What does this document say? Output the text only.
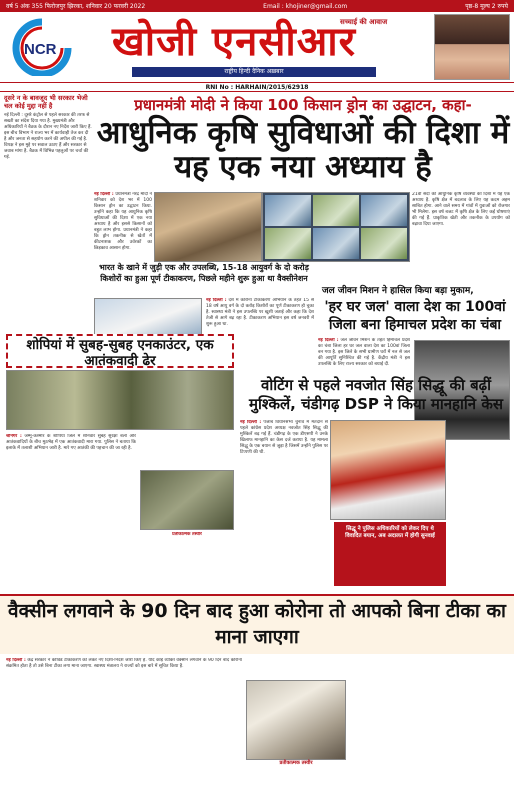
वर्ष 5 अंक 355 फिरोजपुर झिरका, शनिवार 20 फरवरी 2022	Email : khojiner@gmail.com	पृष्ठ-8 मूल्य 2 रुपये
NCR खोजी एनसीआर
सच्चाई की आवाज
राष्ट्रीय हिन्दी दैनिक अख़बार
RNI No : HARHAIN/2015/62918
दूसरे न के बावजूद भी सरकार भेजी चल कोई मुद्दा नहीं है
नई दिल्ली : दूसरे कंट्रोल से पहले सरकार की तरफ से सख्ती का संदेश दिया गया है. मुख्यमंत्री और अधिकारियों ने बैठक के दौरान नए निर्देश जारी किए हैं. इस बीच विभाग ने राज्य भर में कार्यवाही तेज कर दी है और जनता से सहयोग करने की अपील की गई है. विपक्ष ने इस मुद्दे पर सवाल उठाए हैं और सरकार से जवाब मांगा है. बैठक में विभिन्न पहलुओं पर चर्चा की गई.
प्रधानमंत्री मोदी ने किया 100 किसान ड्रोन का उद्घाटन, कहा-
आधुनिक कृषि सुविधाओं की दिशा में यह एक नया अध्याय है
नई दिल्ली : प्रधानमंत्री नरेंद्र मोदी ने शनिवार को देश भर में 100 किसान ड्रोन का उद्घाटन किया. उन्होंने कहा कि यह आधुनिक कृषि सुविधाओं की दिशा में एक नया अध्याय है और इससे किसानों को बहुत लाभ होगा. प्रधानमंत्री ने कहा कि ड्रोन तकनीक से खेतों में कीटनाशक और उर्वरकों का छिड़काव आसान होगा.
21वीं सदी की आधुनिक कृषि व्यवस्था की दिशा में यह एक अध्याय है. कृषि क्षेत्र में बदलाव के लिए यह कदम अहम साबित होगा. आने वाले समय में गांवों में युवाओं को रोजगार भी मिलेगा. इस वर्ष बजट में कृषि क्षेत्र के लिए कई घोषणाएं की गई हैं. प्राकृतिक खेती और तकनीक के उपयोग को बढ़ावा दिया जाएगा.
भारत के खाने में जुड़ी एक और उपलब्धि, 15-18 आयुवर्ग के दो करोड़ किशोरों का हुआ पूर्ण टीकाकरण, पिछले महीने शुरू हुआ था वैक्सीनेशन
नई दिल्ली : देश में कोरोना टीकाकरण अभियान के तहत 15 से 18 वर्ष आयु वर्ग के दो करोड़ किशोरों का पूर्ण टीकाकरण हो चुका है. स्वास्थ्य मंत्री ने इस उपलब्धि पर खुशी जताई और कहा कि देश तेजी से आगे बढ़ रहा है. टीकाकरण अभियान इस वर्ष जनवरी में शुरू हुआ था.
जल जीवन मिशन ने हासिल किया बड़ा मुकाम,
'हर घर जल' वाला देश का 100वां जिला बना हिमाचल प्रदेश का चंबा
नई दिल्ली : जल जीवन मिशन के तहत हिमाचल प्रदेश का चंबा जिला हर घर जल वाला देश का 100वां जिला बन गया है. इस जिले के सभी ग्रामीण घरों में नल से जल की आपूर्ति सुनिश्चित की गई है. केंद्रीय मंत्री ने इस उपलब्धि के लिए राज्य सरकार को बधाई दी.
शोपियां में सुबह-सुबह एनकाउंटर, एक आतंकवादी ढेर
श्रीनगर : जम्मू-कश्मीर के शोपियां जिले में शनिवार सुबह सुरक्षा बलों और आतंकवादियों के बीच मुठभेड़ में एक आतंकवादी मारा गया. पुलिस ने बताया कि इलाके में तलाशी अभियान जारी है. मारे गए आतंकी की पहचान की जा रही है.
प्रतीकात्मक तस्वीर
वोटिंग से पहले नवजोत सिंह सिद्धू की बढ़ीं मुश्किलें, चंडीगढ़ DSP ने किया मानहानि केस
नई दिल्ली : पंजाब विधानसभा चुनाव में मतदान से पहले कांग्रेस प्रदेश अध्यक्ष नवजोत सिंह सिद्धू की मुश्किलें बढ़ गई हैं. चंडीगढ़ के एक डीएसपी ने उनके खिलाफ मानहानि का केस दर्ज कराया है. यह मामला सिद्धू के एक बयान से जुड़ा है जिसमें उन्होंने पुलिस पर टिप्पणी की थी.
सिद्धू ने पुलिस अधिकारियों को लेकर दिए थे विवादित बयान, अब अदालत में होगी सुनवाई
वैक्सीन लगवाने के 90 दिन बाद हुआ कोरोना तो आपको बिना टीका का माना जाएगा
नई दिल्ली : केंद्र सरकार ने कोविड टीकाकरण को लेकर नए दिशा-निर्देश जारी किए हैं. यदि कोई व्यक्ति वैक्सीन लगवाने के 90 दिन बाद कोरोना संक्रमित होता है तो उसे बिना टीका लगा माना जाएगा. स्वास्थ्य मंत्रालय ने राज्यों को इस बारे में सूचित किया है.
प्रतीकात्मक तस्वीर
